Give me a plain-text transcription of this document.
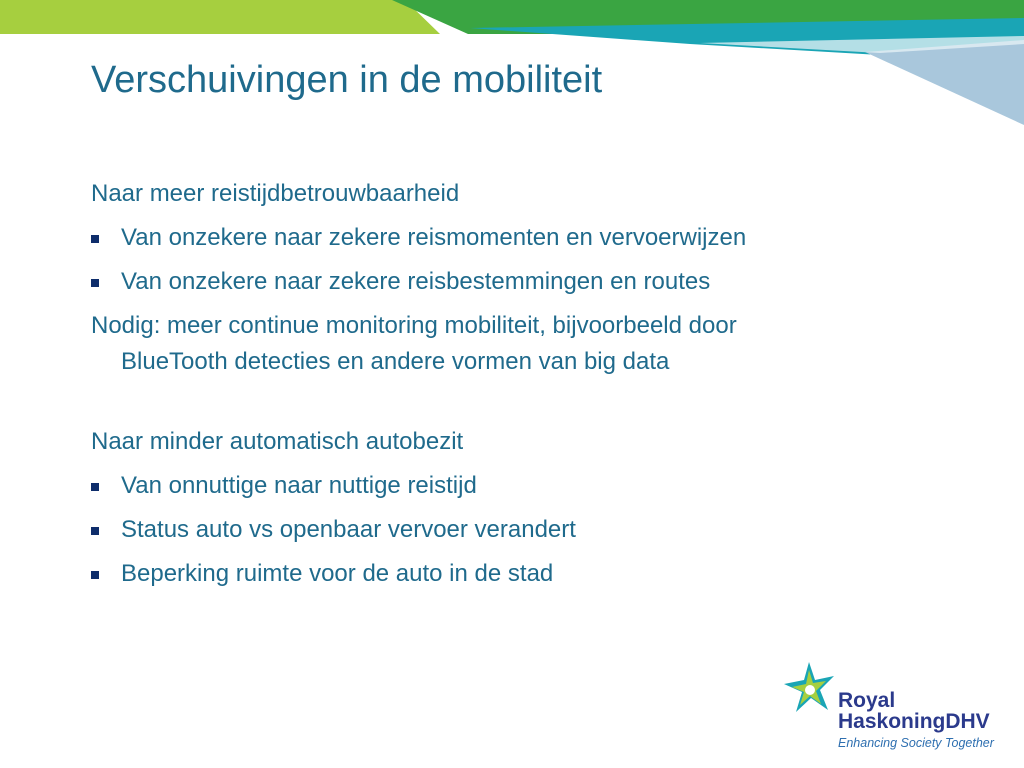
Verschuivingen in de mobiliteit

Naar meer reistijdbetrouwbaarheid

Van onzekere naar zekere reismomenten en vervoerwijzen
Van onzekere naar zekere reisbestemmingen en routes

Nodig: meer continue monitoring mobiliteit, bijvoorbeeld door
BlueTooth detecties en andere vormen van big data

Naar minder automatisch autobezit

Van onnuttige naar nuttige reistijd
Status auto vs openbaar vervoer verandert
Beperking ruimte voor de auto in de stad
Royal
HaskoningDHV
Enhancing Society Together
